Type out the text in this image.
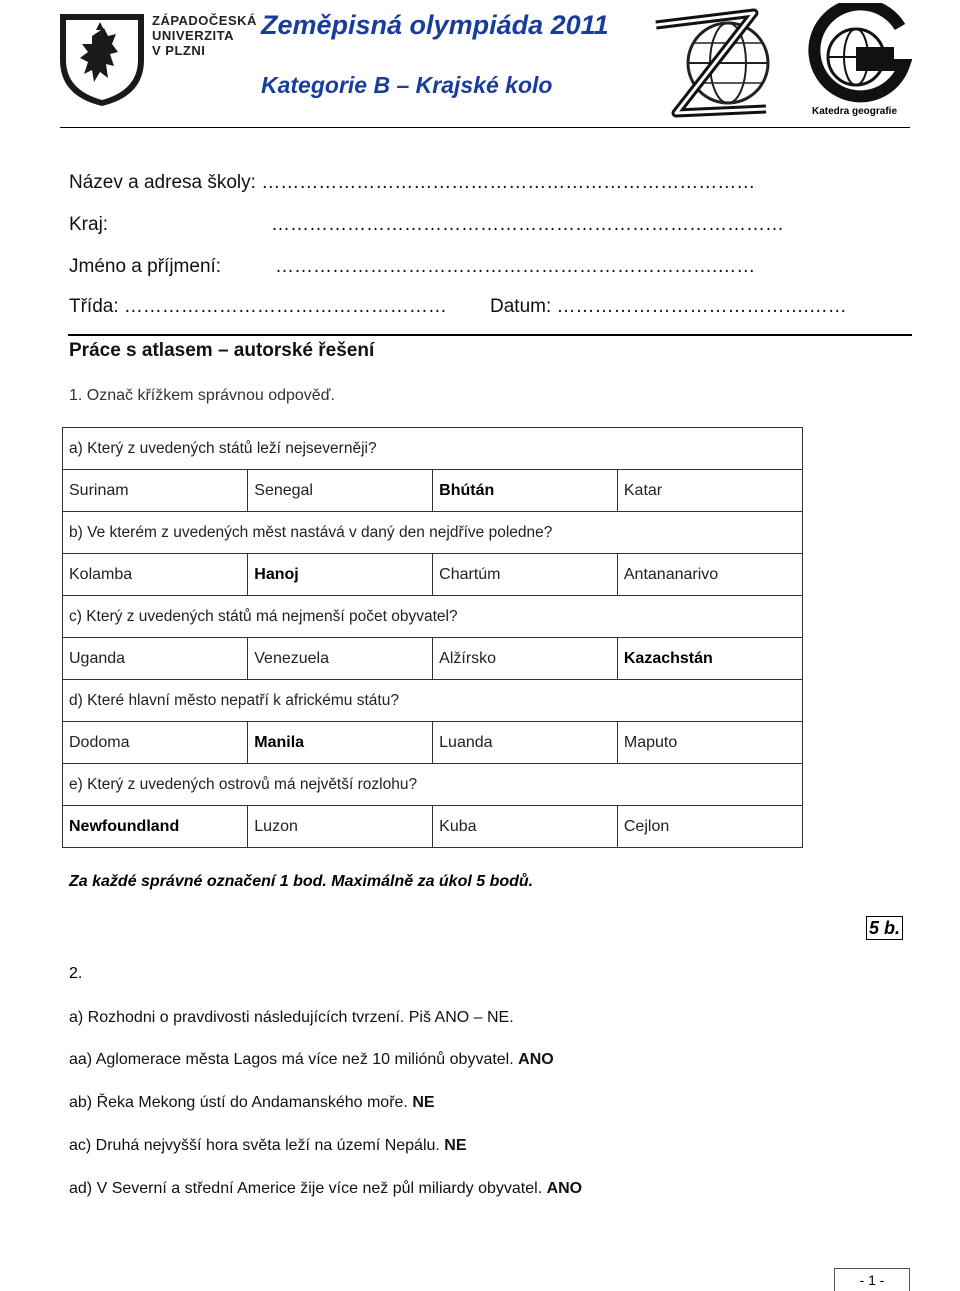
ZÁPADOČESKÁ
UNIVERZITA
V PLZNI
Zeměpisná olympiáda 2011
Kategorie B – Krajské kolo
Katedra geografie
Název a adresa školy: ……………………………………………………………………
Kraj:	………………………………………………………………………
Jméno a příjmení:	…………………………………………………………….……
Třída: …………………………………………… Datum: ………………………………….……
Práce s atlasem – autorské řešení
1. Označ křížkem správnou odpověď.
a) Který z uvedených států leží nejseverněji?			
Surinam	Senegal	Bhútán	Katar
b) Ve kterém z uvedených měst nastává v daný den nejdříve poledne?			
Kolamba	Hanoj	Chartúm	Antananarivo
c) Který z uvedených států má nejmenší počet obyvatel?			
Uganda	Venezuela	Alžírsko	Kazachstán
d) Které hlavní město nepatří k africkému státu?			
Dodoma	Manila	Luanda	Maputo
e) Který z uvedených ostrovů má největší rozlohu?			
Newfoundland	Luzon	Kuba	Cejlon
Za každé správné označení 1 bod. Maximálně za úkol 5 bodů.
5 b.
2.
a) Rozhodni o pravdivosti následujících tvrzení. Piš ANO – NE.
aa) Aglomerace města Lagos má více než 10 miliónů obyvatel. ANO
ab) Řeka Mekong ústí do Andamanského moře. NE
ac) Druhá nejvyšší hora světa leží na území Nepálu. NE
ad) V Severní a střední Americe žije více než půl miliardy obyvatel. ANO
- 1 -
